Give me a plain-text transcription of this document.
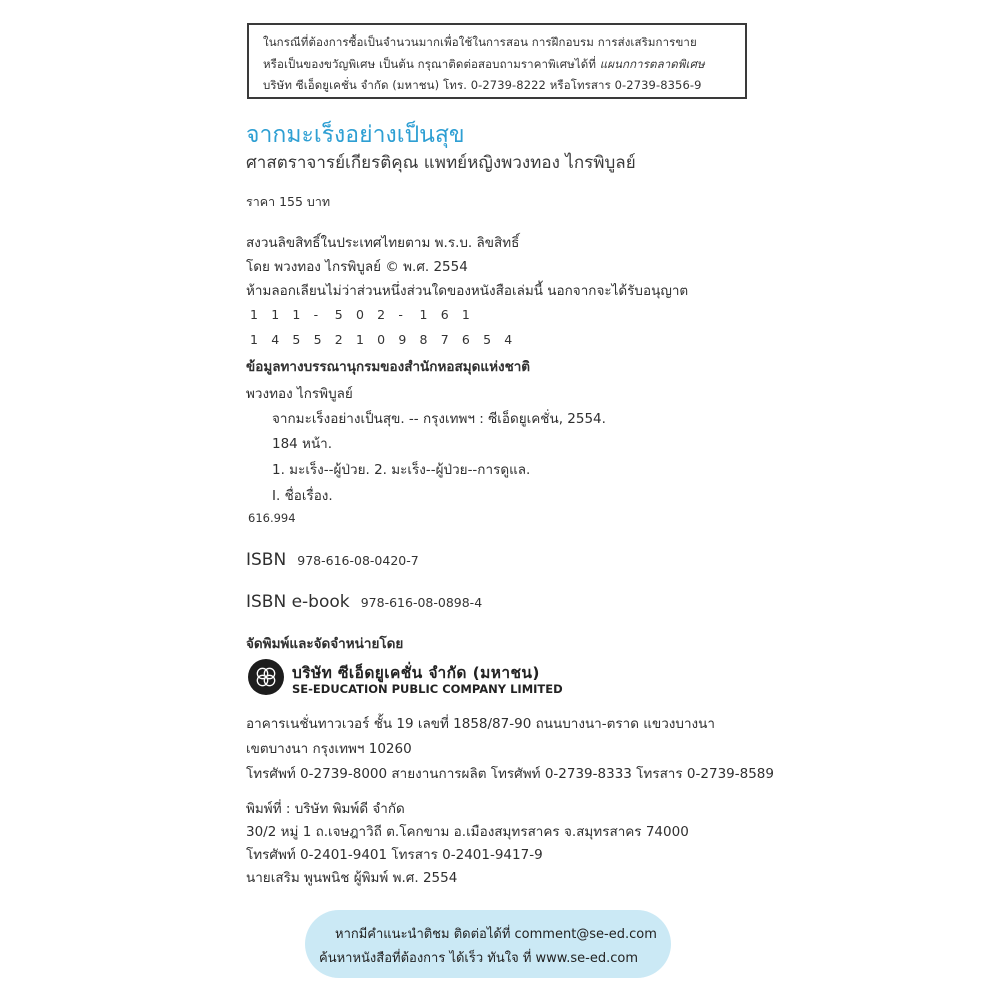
ในกรณีที่ต้องการซื้อเป็นจำนวนมากเพื่อใช้ในการสอน การฝึกอบรม การส่งเสริมการขาย
หรือเป็นของขวัญพิเศษ เป็นต้น กรุณาติดต่อสอบถามราคาพิเศษได้ที่ แผนกการตลาดพิเศษ
บริษัท ซีเอ็ดยูเคชั่น จำกัด (มหาชน) โทร. 0-2739-8222 หรือโทรสาร 0-2739-8356-9
จากมะเร็งอย่างเป็นสุข
ศาสตราจารย์เกียรติคุณ แพทย์หญิงพวงทอง ไกรพิบูลย์
ราคา 155 บาท
สงวนลิขสิทธิ์ในประเทศไทยตาม พ.ร.บ. ลิขสิทธิ์
โดย พวงทอง ไกรพิบูลย์ © พ.ศ. 2554
ห้ามลอกเลียนไม่ว่าส่วนหนึ่งส่วนใดของหนังสือเล่มนี้ นอกจากจะได้รับอนุญาต
1 1 1 - 5 0 2 - 1 6 1
1 4 5 5 2 1 0 9 8 7 6 5 4
ข้อมูลทางบรรณานุกรมของสำนักหอสมุดแห่งชาติ
พวงทอง ไกรพิบูลย์
จากมะเร็งอย่างเป็นสุข. -- กรุงเทพฯ : ซีเอ็ดยูเคชั่น, 2554.
184 หน้า.
1. มะเร็ง--ผู้ป่วย. 2. มะเร็ง--ผู้ป่วย--การดูแล.
I. ชื่อเรื่อง.
616.994
ISBN 978-616-08-0420-7
ISBN e-book 978-616-08-0898-4
จัดพิมพ์และจัดจำหน่ายโดย
บริษัท ซีเอ็ดยูเคชั่น จำกัด (มหาชน)
SE-EDUCATION PUBLIC COMPANY LIMITED
อาคารเนชั่นทาวเวอร์ ชั้น 19 เลขที่ 1858/87-90 ถนนบางนา-ตราด แขวงบางนา
เขตบางนา กรุงเทพฯ 10260
โทรศัพท์ 0-2739-8000 สายงานการผลิต โทรศัพท์ 0-2739-8333 โทรสาร 0-2739-8589
พิมพ์ที่ : บริษัท พิมพ์ดี จำกัด
30/2 หมู่ 1 ถ.เจษฎาวิถี ต.โคกขาม อ.เมืองสมุทรสาคร จ.สมุทรสาคร 74000
โทรศัพท์ 0-2401-9401 โทรสาร 0-2401-9417-9
นายเสริม พูนพนิช ผู้พิมพ์ พ.ศ. 2554
หากมีคำแนะนำติชม ติดต่อได้ที่ comment@se-ed.com
ค้นหาหนังสือที่ต้องการ ได้เร็ว ทันใจ ที่ www.se-ed.com
